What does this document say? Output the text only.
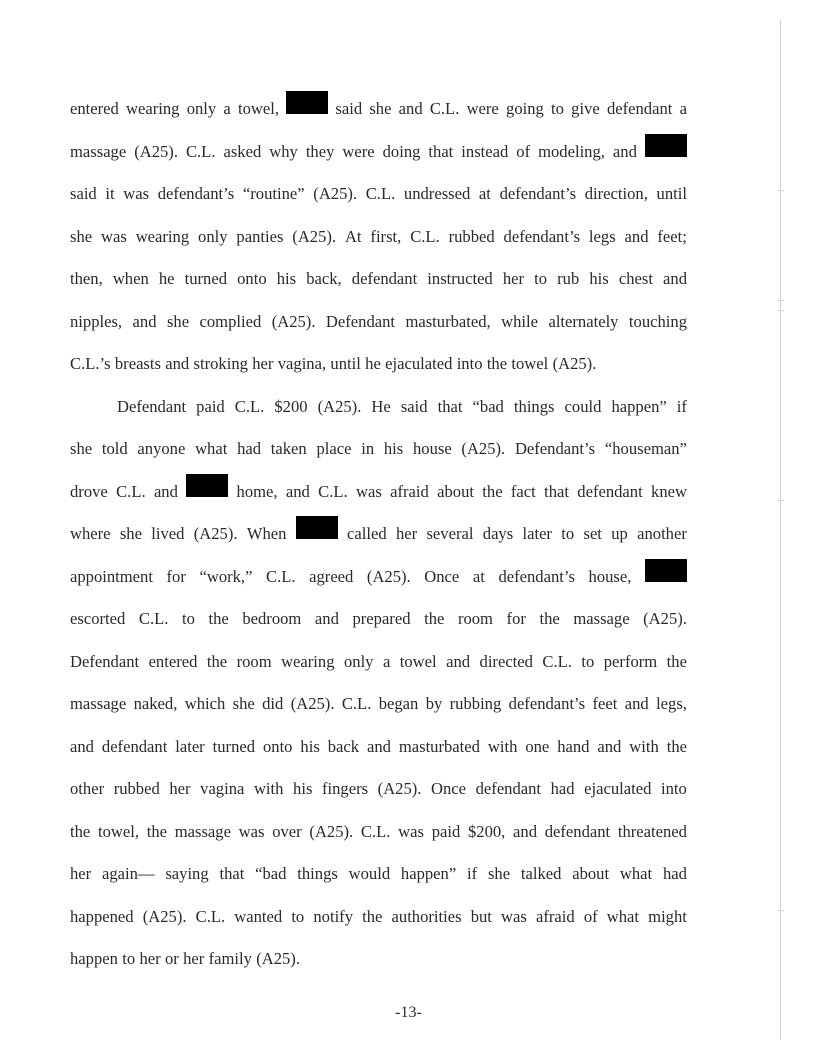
entered wearing only a towel,	said she and C.L. were going to give defendant a
massage (A25). C.L. asked why they were doing that instead of modeling, and
said it was defendant’s “routine” (A25). C.L. undressed at defendant’s direction, until
she was wearing only panties (A25). At first, C.L. rubbed defendant’s legs and feet;
then, when he turned onto his back, defendant instructed her to rub his chest and
nipples, and she complied (A25). Defendant masturbated, while alternately touching
C.L.’s breasts and stroking her vagina, until he ejaculated into the towel (A25).
Defendant paid C.L. $200 (A25). He said that “bad things could happen” if
she told anyone what had taken place in his house (A25). Defendant’s “houseman”
drove C.L. and	home, and C.L. was afraid about the fact that defendant knew
where she lived (A25). When	called her several days later to set up another
appointment for “work,” C.L. agreed (A25). Once at defendant’s house,
escorted C.L. to the bedroom and prepared the room for the massage (A25).
Defendant entered the room wearing only a towel and directed C.L. to perform the
massage naked, which she did (A25). C.L. began by rubbing defendant’s feet and legs,
and defendant later turned onto his back and masturbated with one hand and with the
other rubbed her vagina with his fingers (A25). Once defendant had ejaculated into
the towel, the massage was over (A25). C.L. was paid $200, and defendant threatened
her again— saying that “bad things would happen” if she talked about what had
happened (A25). C.L. wanted to notify the authorities but was afraid of what might
happen to her or her family (A25).
-13-
